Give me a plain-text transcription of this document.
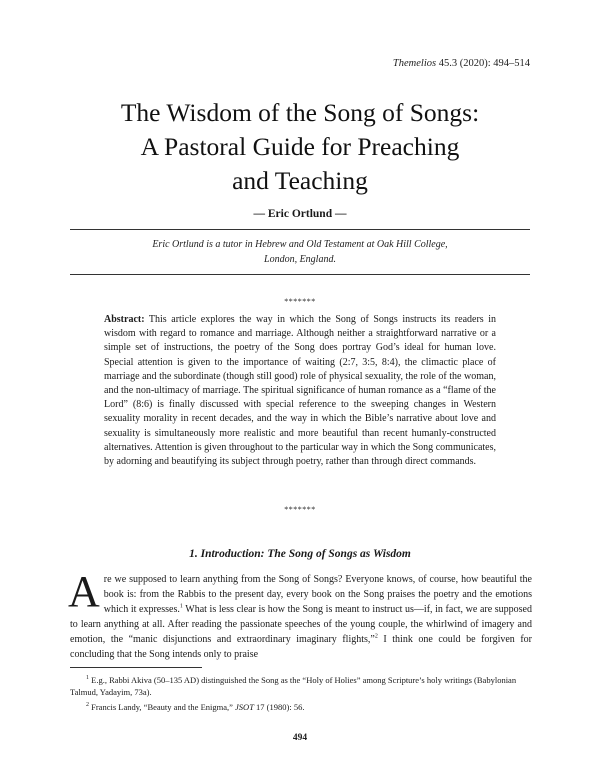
Themelios 45.3 (2020): 494–514
The Wisdom of the Song of Songs:
A Pastoral Guide for Preaching
and Teaching
— Eric Ortlund —
Eric Ortlund is a tutor in Hebrew and Old Testament at Oak Hill College,
London, England.
*******

Abstract: This article explores the way in which the Song of Songs instructs its readers in wisdom with regard to romance and marriage. Although neither a straightforward narrative or a simple set of instructions, the poetry of the Song does portray God’s ideal for human love. Special attention is given to the importance of waiting (2:7, 3:5, 8:4), the climactic place of marriage and the subordinate (though still good) role of physical sexuality, the role of the woman, and the non-ultimacy of marriage. The spiritual significance of human romance as a “flame of the Lord” (8:6) is finally discussed with special reference to the sweeping changes in Western sexuality morality in recent decades, and the way in which the Bible’s narrative about love and sexuality is simultaneously more realistic and more beautiful than recent humanly-constructed alternatives. Attention is given throughout to the particular way in which the Song communicates, by adorning and beautifying its subject through poetry, rather than through direct commands.

*******
1. Introduction: The Song of Songs as Wisdom

Are we supposed to learn anything from the Song of Songs? Everyone knows, of course, how beautiful the book is: from the Rabbis to the present day, every book on the Song praises the poetry and the emotions which it expresses.$^1$ What is less clear is how the Song is meant to instruct us—if, in fact, we are supposed to learn anything at all. After reading the passionate speeches of the young couple, the whirlwind of imagery and emotion, the “manic disjunctions and extraordinary imaginary flights,”$^2$ I think one could be forgiven for concluding that the Song intends only to praise

$^1$ E.g., Rabbi Akiva (50–135 AD) distinguished the Song as the “Holy of Holies” among Scripture’s holy writings (Babylonian Talmud, Yadayim, 73a).

$^2$ Francis Landy, “Beauty and the Enigma,” JSOT 17 (1980): 56.

494
